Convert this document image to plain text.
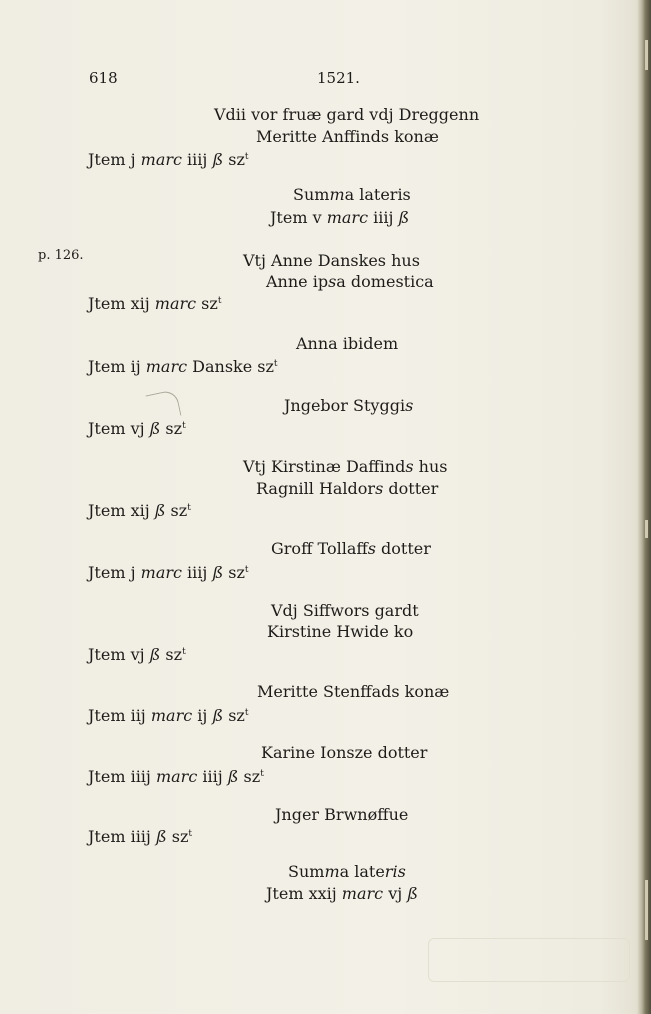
618	1521.
p. 126.
Vdii vor fruæ gard vdj Dreggenn
Meritte Anffinds konæ
Jtem j marc iiij ß $sz^t$
Summa lateris
Jtem v marc iiij ß
Vtj Anne Danskes hus
Anne ipsa domestica
Jtem xij marc $sz^t$
Anna ibidem
Jtem ij marc Danske $sz^t$
Jngebor Styggis
Jtem vj ß $sz^t$
Vtj Kirstinæ Daffinds hus
Ragnill Haldors dotter
Jtem xij ß $sz^t$
Groff Tollaffs dotter
Jtem j marc iiij ß $sz^t$
Vdj Siffwors gardt
Kirstine Hwide ko
Jtem vj ß $sz^t$
Meritte Stenffads konæ
Jtem iij marc ij ß $sz^t$
Karine Ionsze dotter
Jtem iiij marc iiij ß $sz^t$
Jnger Brwnøffue
Jtem iiij ß $sz^t$
Summa lateris
Jtem xxij marc vj ß
